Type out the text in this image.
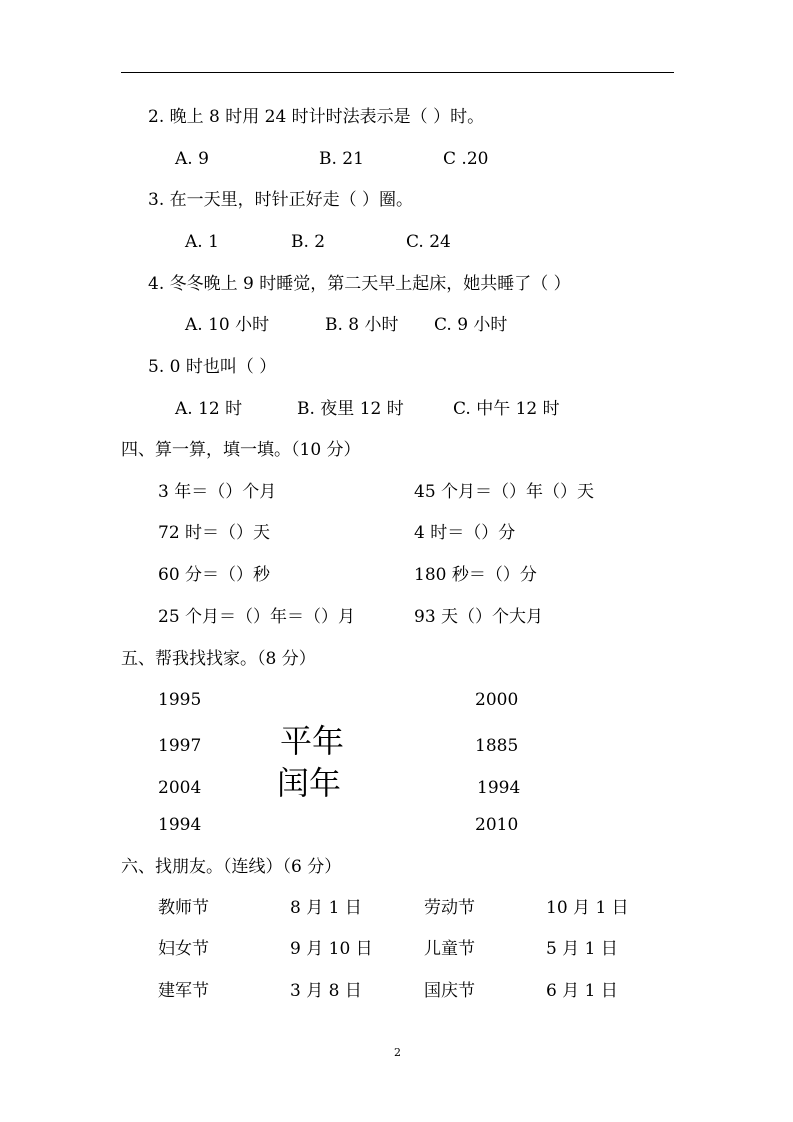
2. 晚上 8 时用 24 时计时法表示是（ ）时。
A. 9	B. 21	C .20
3. 在一天里，时针正好走（ ）圈。
A. 1	B. 2	C. 24
4. 冬冬晚上 9 时睡觉，第二天早上起床，她共睡了（ ）
A. 10 小时	B. 8 小时 C. 9 小时
5. 0 时也叫（ ）
A. 12 时	B. 夜里 12 时	C. 中午 12 时
四、算一算，填一填。（10 分）
3 年＝（）个月	45 个月＝（）年（）天
72 时＝（）天	4 时＝（）分
60 分＝（）秒	180 秒＝（）分
25 个月＝（）年＝（）月	93 天（）个大月
五、帮我找找家。（8 分）
1995
1997
2004
1994
平年
闰年
2000
1885
1994
2010
六、找朋友。（连线）（6 分）
教师节	8 月 1 日	劳动节	10 月 1 日
妇女节	9 月 10 日	儿童节	5 月 1 日
建军节	3 月 8 日	国庆节	6 月 1 日
2
